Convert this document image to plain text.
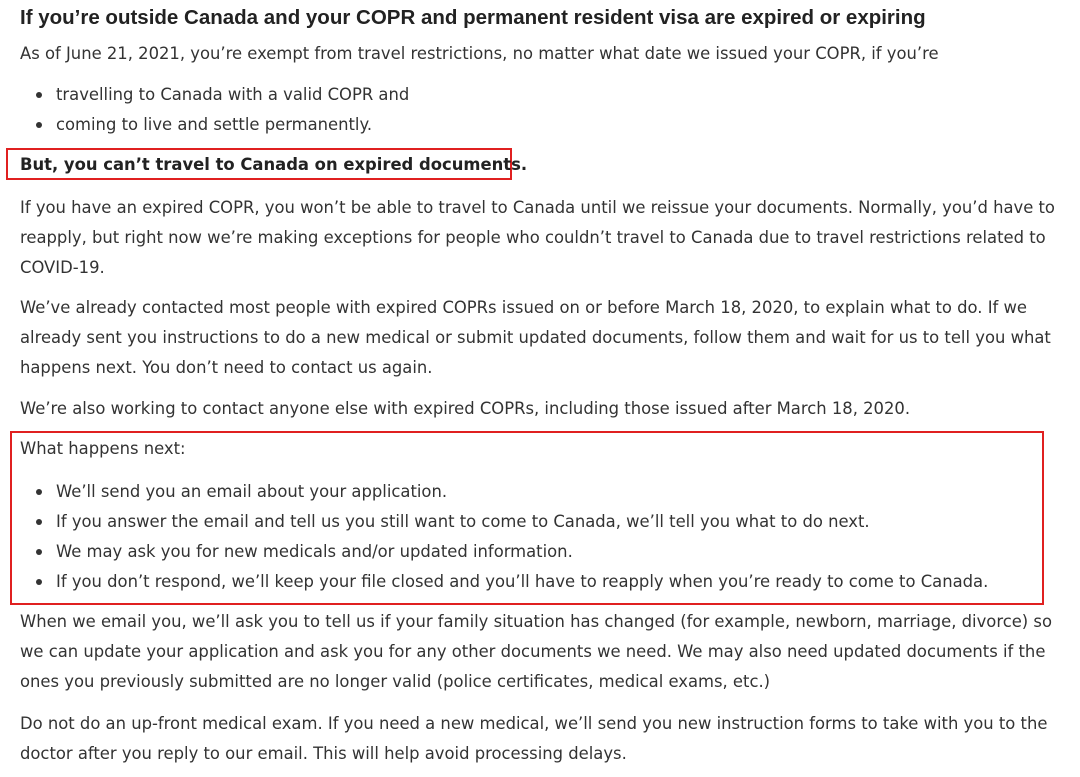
If you’re outside Canada and your COPR and permanent resident visa are expired or expiring

As of June 21, 2021, you’re exempt from travel restrictions, no matter what date we issued your COPR, if you’re

travelling to Canada with a valid COPR and
coming to live and settle permanently.
But, you can’t travel to Canada on expired documents.

If you have an expired COPR, you won’t be able to travel to Canada until we reissue your documents. Normally, you’d have to reapply, but right now we’re making exceptions for people who couldn’t travel to Canada due to travel restrictions related to COVID-19.

We’ve already contacted most people with expired COPRs issued on or before March 18, 2020, to explain what to do. If we already sent you instructions to do a new medical or submit updated documents, follow them and wait for us to tell you what happens next. You don’t need to contact us again.

We’re also working to contact anyone else with expired COPRs, including those issued after March 18, 2020.

What happens next:

We’ll send you an email about your application.
If you answer the email and tell us you still want to come to Canada, we’ll tell you what to do next.
We may ask you for new medicals and/or updated information.
If you don’t respond, we’ll keep your file closed and you’ll have to reapply when you’re ready to come to Canada.

When we email you, we’ll ask you to tell us if your family situation has changed (for example, newborn, marriage, divorce) so we can update your application and ask you for any other documents we need. We may also need updated documents if the ones you previously submitted are no longer valid (police certificates, medical exams, etc.)

Do not do an up-front medical exam. If you need a new medical, we’ll send you new instruction forms to take with you to the doctor after you reply to our email. This will help avoid processing delays.
